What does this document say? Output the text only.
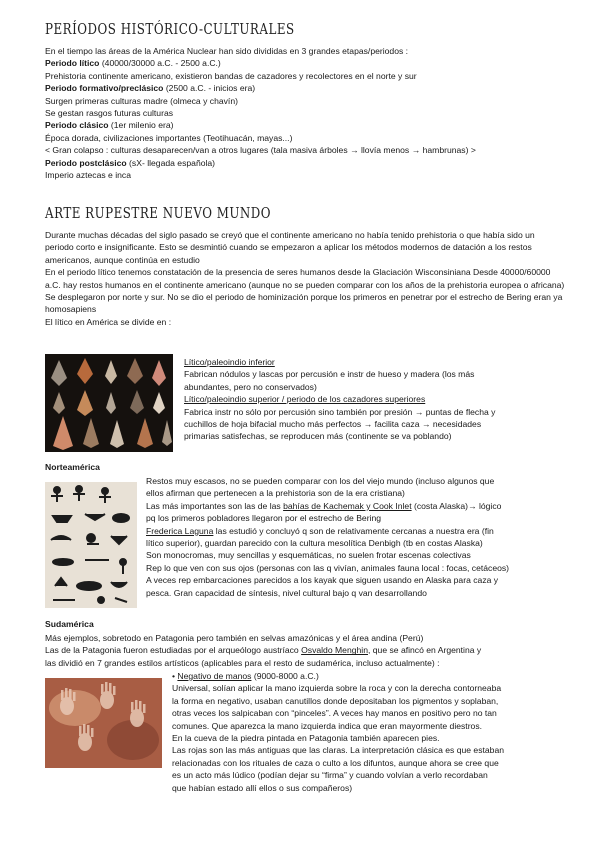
PERÍODOS HISTÓRICO-CULTURALES

En el tiempo las áreas de la América Nuclear han sido divididas en 3 grandes etapas/periodos :

Periodo lítico (40000/30000 a.C. - 2500 a.C.)

Prehistoria continente americano, existieron bandas de cazadores y recolectores en el norte y sur

Periodo formativo/preclásico (2500 a.C. - inicios era)

Surgen primeras culturas madre (olmeca y chavín)

Se gestan rasgos futuras culturas

Periodo clásico (1er milenio era)

Época dorada, civilizaciones importantes (Teotihuacán, mayas...)

< Gran colapso : culturas desaparecen/van a otros lugares (tala masiva árboles → llovía menos → hambrunas) >

Periodo postclásico (sX- llegada española)

Imperio aztecas e inca

ARTE RUPESTRE NUEVO MUNDO

Durante muchas décadas del siglo pasado se creyó que el continente americano no había tenido prehistoria o que había sido un periodo corto e insignificante. Esto se desmintió cuando se empezaron a aplicar los métodos modernos de datación a los restos americanos, aunque continúa en estudio

En el periodo lítico tenemos constatación de la presencia de seres humanos desde la Glaciación Wisconsiniana Desde 40000/60000 a.C. hay restos humanos en el continente americano (aunque no se pueden comparar con los años de la prehistoria europea o africana)

Se desplegaron por norte y sur. No se dio el periodo de hominización porque los primeros en penetrar por el estrecho de Bering eran ya homosapiens

El lítico en América se divide en :

Lítico/paleoindio inferior

Fabrican nódulos y lascas por percusión e instr de hueso y madera (los más

abundantes, pero no conservados)

Lítico/paleoindio superior / periodo de los cazadores superiores

Fabrica instr no sólo por percusión sino también por presión → puntas de flecha y

cuchillos de hoja bifacial mucho más perfectos → facilita caza → necesidades

primarias satisfechas, se reproducen más (continente se va poblando)

Norteamérica

Restos muy escasos, no se pueden comparar con los del viejo mundo (incluso algunos que

ellos afirman que pertenecen a la prehistoria son de la era cristiana)

Las más importantes son las de las bahías de Kachemak y Cook Inlet (costa Alaska)→ lógico

pq los primeros pobladores llegaron por el estrecho de Bering

Frederica Laguna las estudió y concluyó q son de relativamente cercanas a nuestra era (fin

lítico superior), guardan parecido con la cultura mesolítica Denbigh (tb en costas Alaska)

Son monocromas, muy sencillas y esquemáticas, no suelen frotar escenas colectivas

Rep lo que ven con sus ojos (personas con las q vivían, animales fauna local : focas, cetáceos)

A veces rep embarcaciones parecidos a los kayak que siguen usando en Alaska para caza y

pesca. Gran capacidad de síntesis, nivel cultural bajo q van desarrollando

Sudamérica

Más ejemplos, sobretodo en Patagonia pero también en selvas amazónicas y el área andina (Perú)

Las de la Patagonia fueron estudiadas por el arqueólogo austríaco Osvaldo Menghin, que se afincó en Argentina y

las dividió en 7 grandes estilos artísticos (aplicables para el resto de sudamérica, incluso actualmente) :

• Negativo de manos (9000-8000 a.C.)

Universal, solían aplicar la mano izquierda sobre la roca y con la derecha contorneaba

la forma en negativo, usaban canutillos donde depositaban los pigmentos y soplaban,

otras veces los salpicaban con “pinceles”. A veces hay manos en positivo pero no tan

comunes. Que aparezca la mano izquierda indica que eran mayormente diestros.

En la cueva de la piedra pintada en Patagonia también aparecen pies.

Las rojas son las más antiguas que las claras. La interpretación clásica es que estaban

relacionadas con los rituales de caza o culto a los difuntos, aunque ahora se cree que

es un acto más lúdico (podían dejar su “firma” y cuando volvían a verlo recordaban

que habían estado allí ellos o sus compañeros)
